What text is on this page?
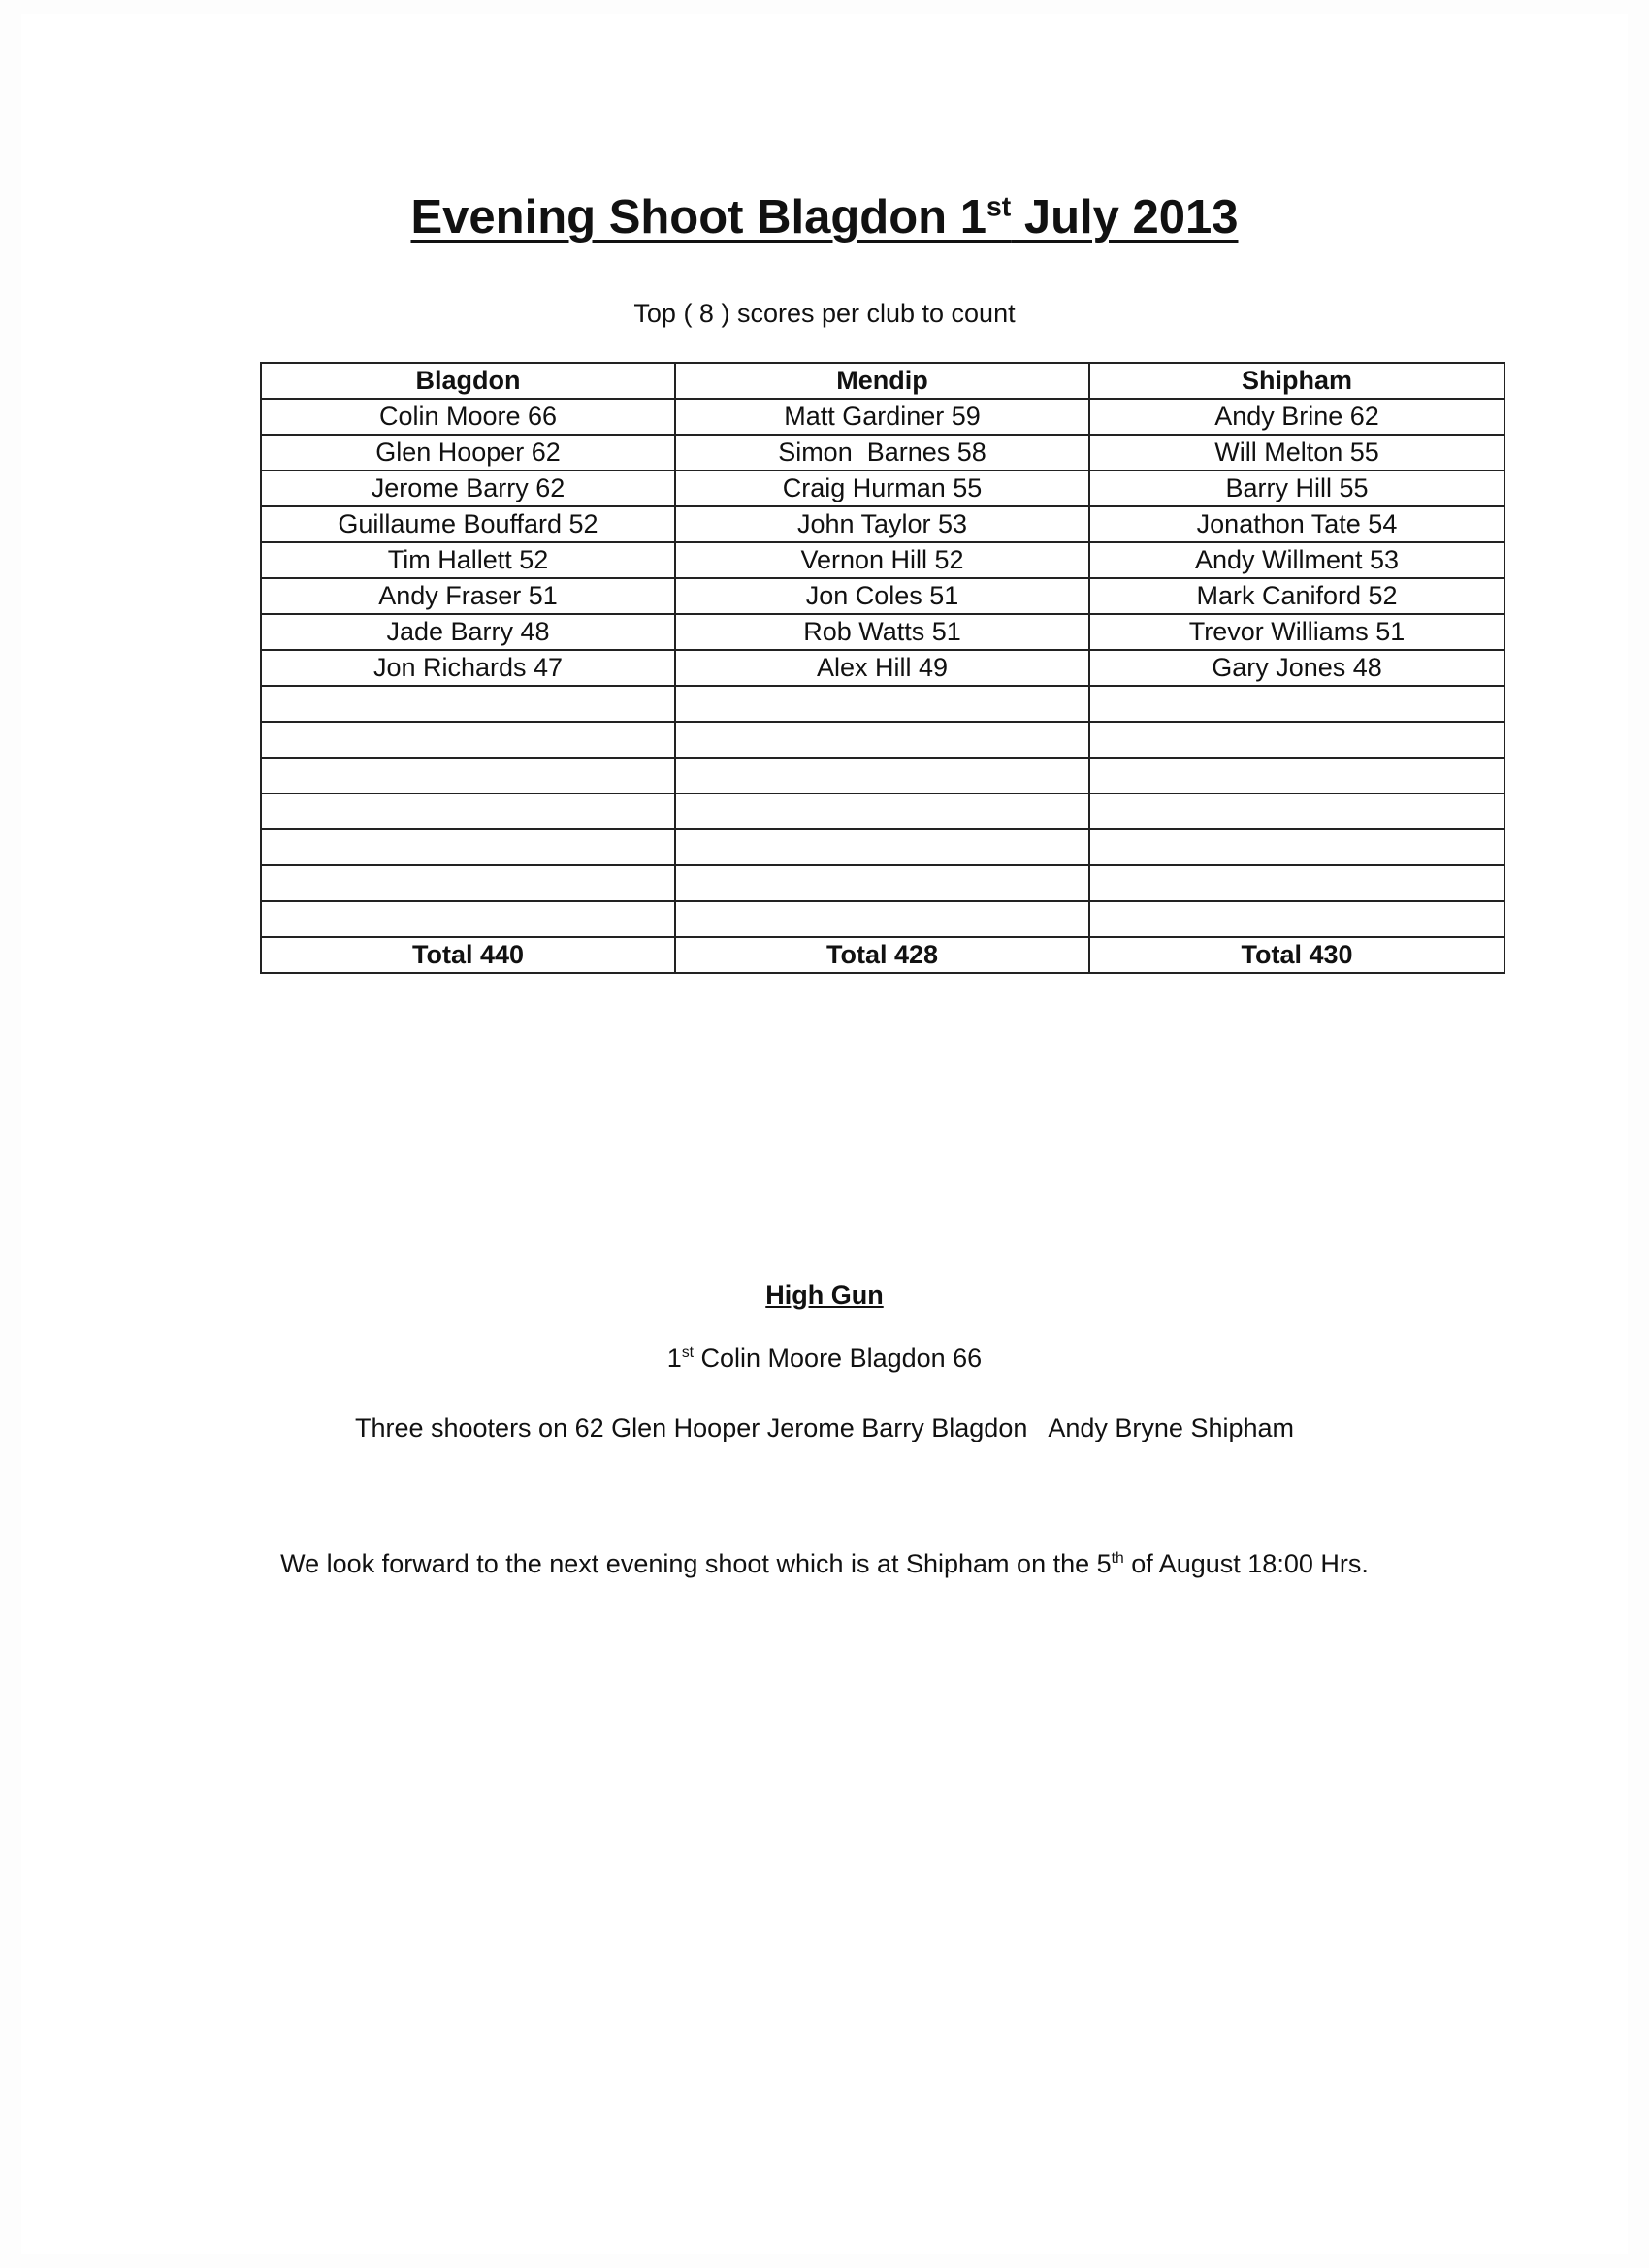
Evening Shoot Blagdon 1st July 2013
Top ( 8 ) scores per club to count
Blagdon	Mendip	Shipham
Colin Moore 66	Matt Gardiner 59	Andy Brine 62
Glen Hooper 62	Simon  Barnes 58	Will Melton 55
Jerome Barry 62	Craig Hurman 55	Barry Hill 55
Guillaume Bouffard 52	John Taylor 53	Jonathon Tate 54
Tim Hallett 52	Vernon Hill 52	Andy Willment 53
Andy Fraser 51	Jon Coles 51	Mark Caniford 52
Jade Barry 48	Rob Watts 51	Trevor Williams 51
Jon Richards 47	Alex Hill 49	Gary Jones 48

Total 440	Total 428	Total 430
High Gun
1st Colin Moore Blagdon 66
Three shooters on 62 Glen Hooper Jerome Barry Blagdon   Andy Bryne Shipham
We look forward to the next evening shoot which is at Shipham on the 5th of August 18:00 Hrs.
